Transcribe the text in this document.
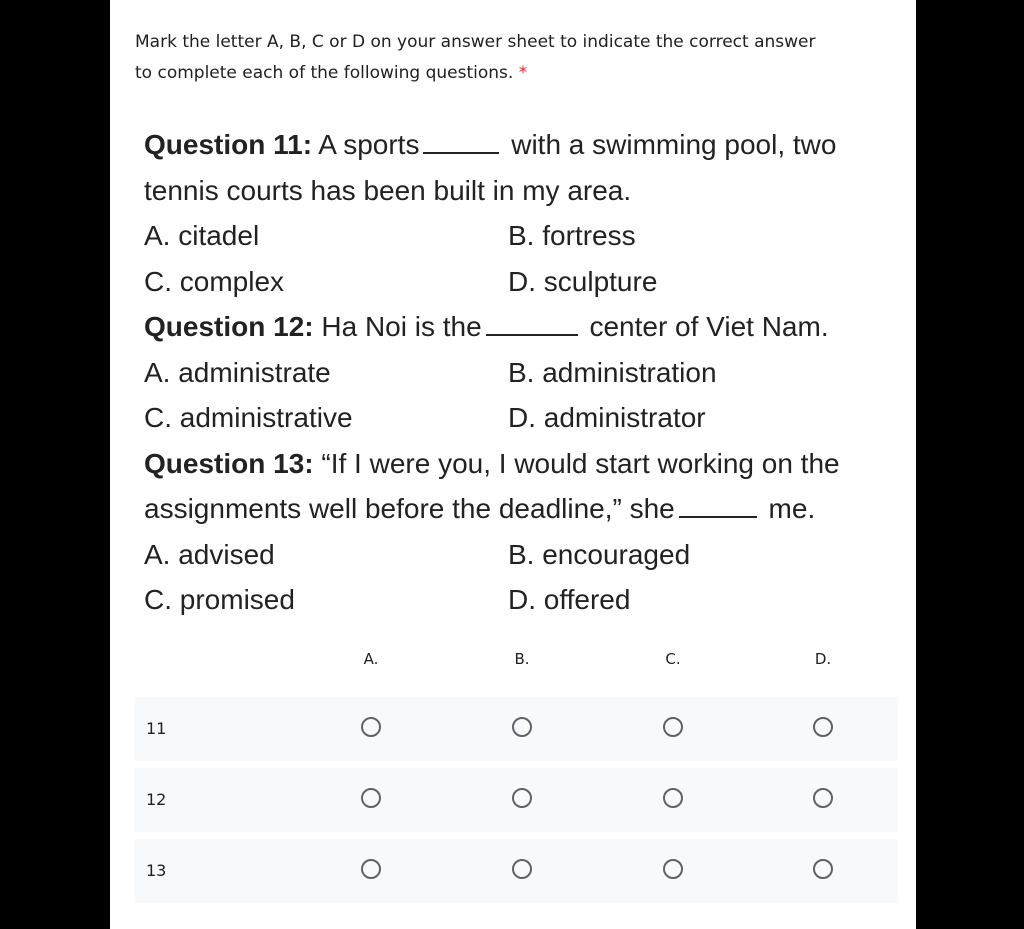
Mark the letter A, B, C or D on your answer sheet to indicate the correct answer
to complete each of the following questions. *
Question 11: A sports	with a swimming pool, two
tennis courts has been built in my area.
A. citadel	B. fortress
C. complex	D. sculpture
Question 12: Ha Noi is the	center of Viet Nam.
A. administrate	B. administration
C. administrative	D. administrator
Question 13: “If I were you, I would start working on the
assignments well before the deadline,” she	me.
A. advised	B. encouraged
C. promised	D. offered
A.	B.	C.	D.
11
12
13
